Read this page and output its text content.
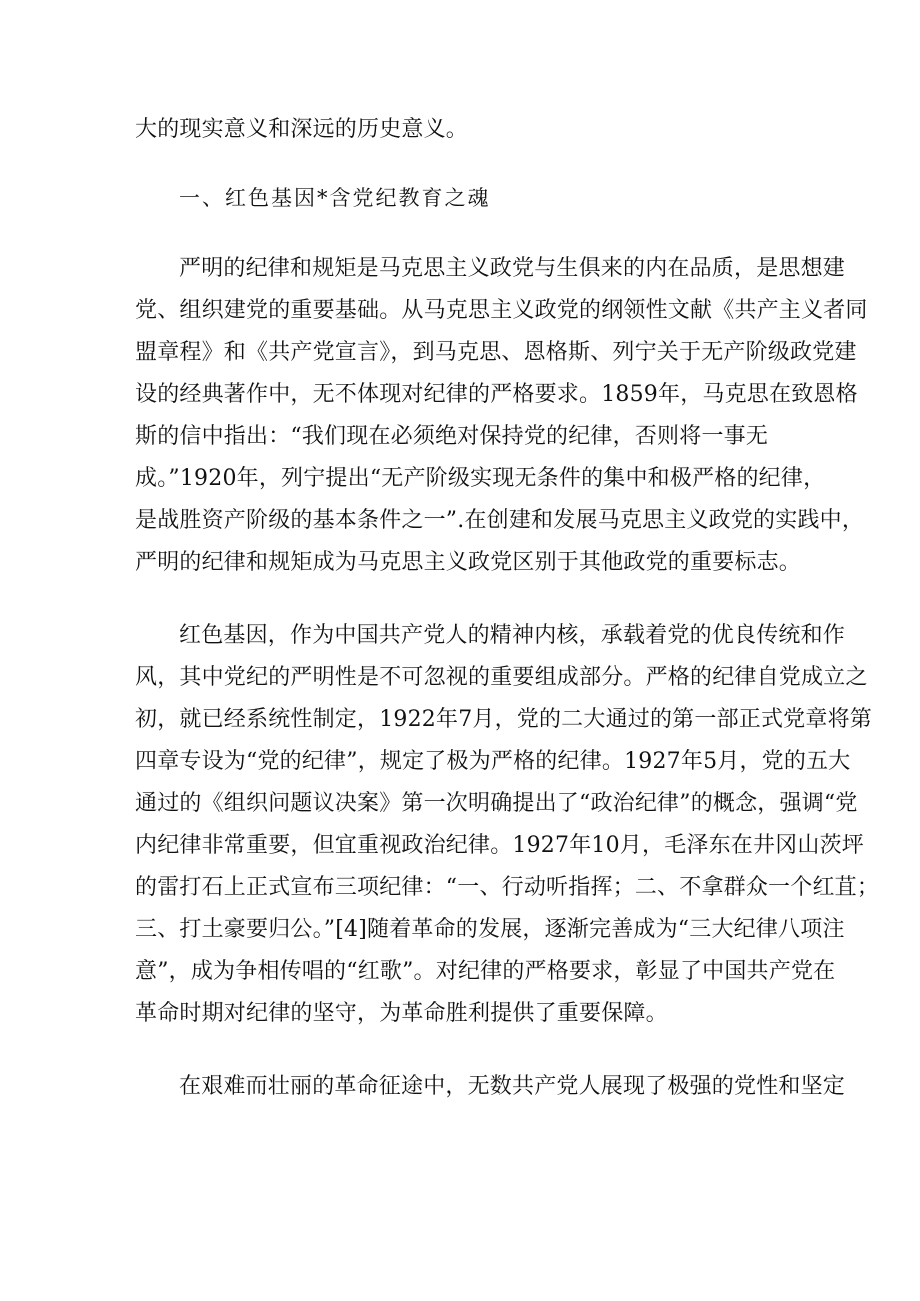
大的现实意义和深远的历史意义。
一、红色基因*含党纪教育之魂
严明的纪律和规矩是马克思主义政党与生俱来的内在品质，是思想建
党、组织建党的重要基础。从马克思主义政党的纲领性文献《共产主义者同
盟章程》和《共产党宣言》，到马克思、恩格斯、列宁关于无产阶级政党建
设的经典著作中，无不体现对纪律的严格要求。1859年，马克思在致恩格
斯的信中指出：“我们现在必须绝对保持党的纪律，否则将一事无
成。”1920年，列宁提出“无产阶级实现无条件的集中和极严格的纪律，
是战胜资产阶级的基本条件之一”.在创建和发展马克思主义政党的实践中，
严明的纪律和规矩成为马克思主义政党区别于其他政党的重要标志。
红色基因，作为中国共产党人的精神内核，承载着党的优良传统和作
风，其中党纪的严明性是不可忽视的重要组成部分。严格的纪律自党成立之
初，就已经系统性制定，1922年7月，党的二大通过的第一部正式党章将第
四章专设为“党的纪律”，规定了极为严格的纪律。1927年5月，党的五大
通过的《组织问题议决案》第一次明确提出了“政治纪律”的概念，强调“党
内纪律非常重要，但宜重视政治纪律。1927年10月，毛泽东在井冈山茨坪
的雷打石上正式宣布三项纪律：“一、行动听指挥；二、不拿群众一个红苴；
三、打土豪要归公。”[4]随着革命的发展，逐渐完善成为“三大纪律八项注
意”，成为争相传唱的“红歌”。对纪律的严格要求，彰显了中国共产党在
革命时期对纪律的坚守，为革命胜利提供了重要保障。
在艰难而壮丽的革命征途中，无数共产党人展现了极强的党性和坚定
